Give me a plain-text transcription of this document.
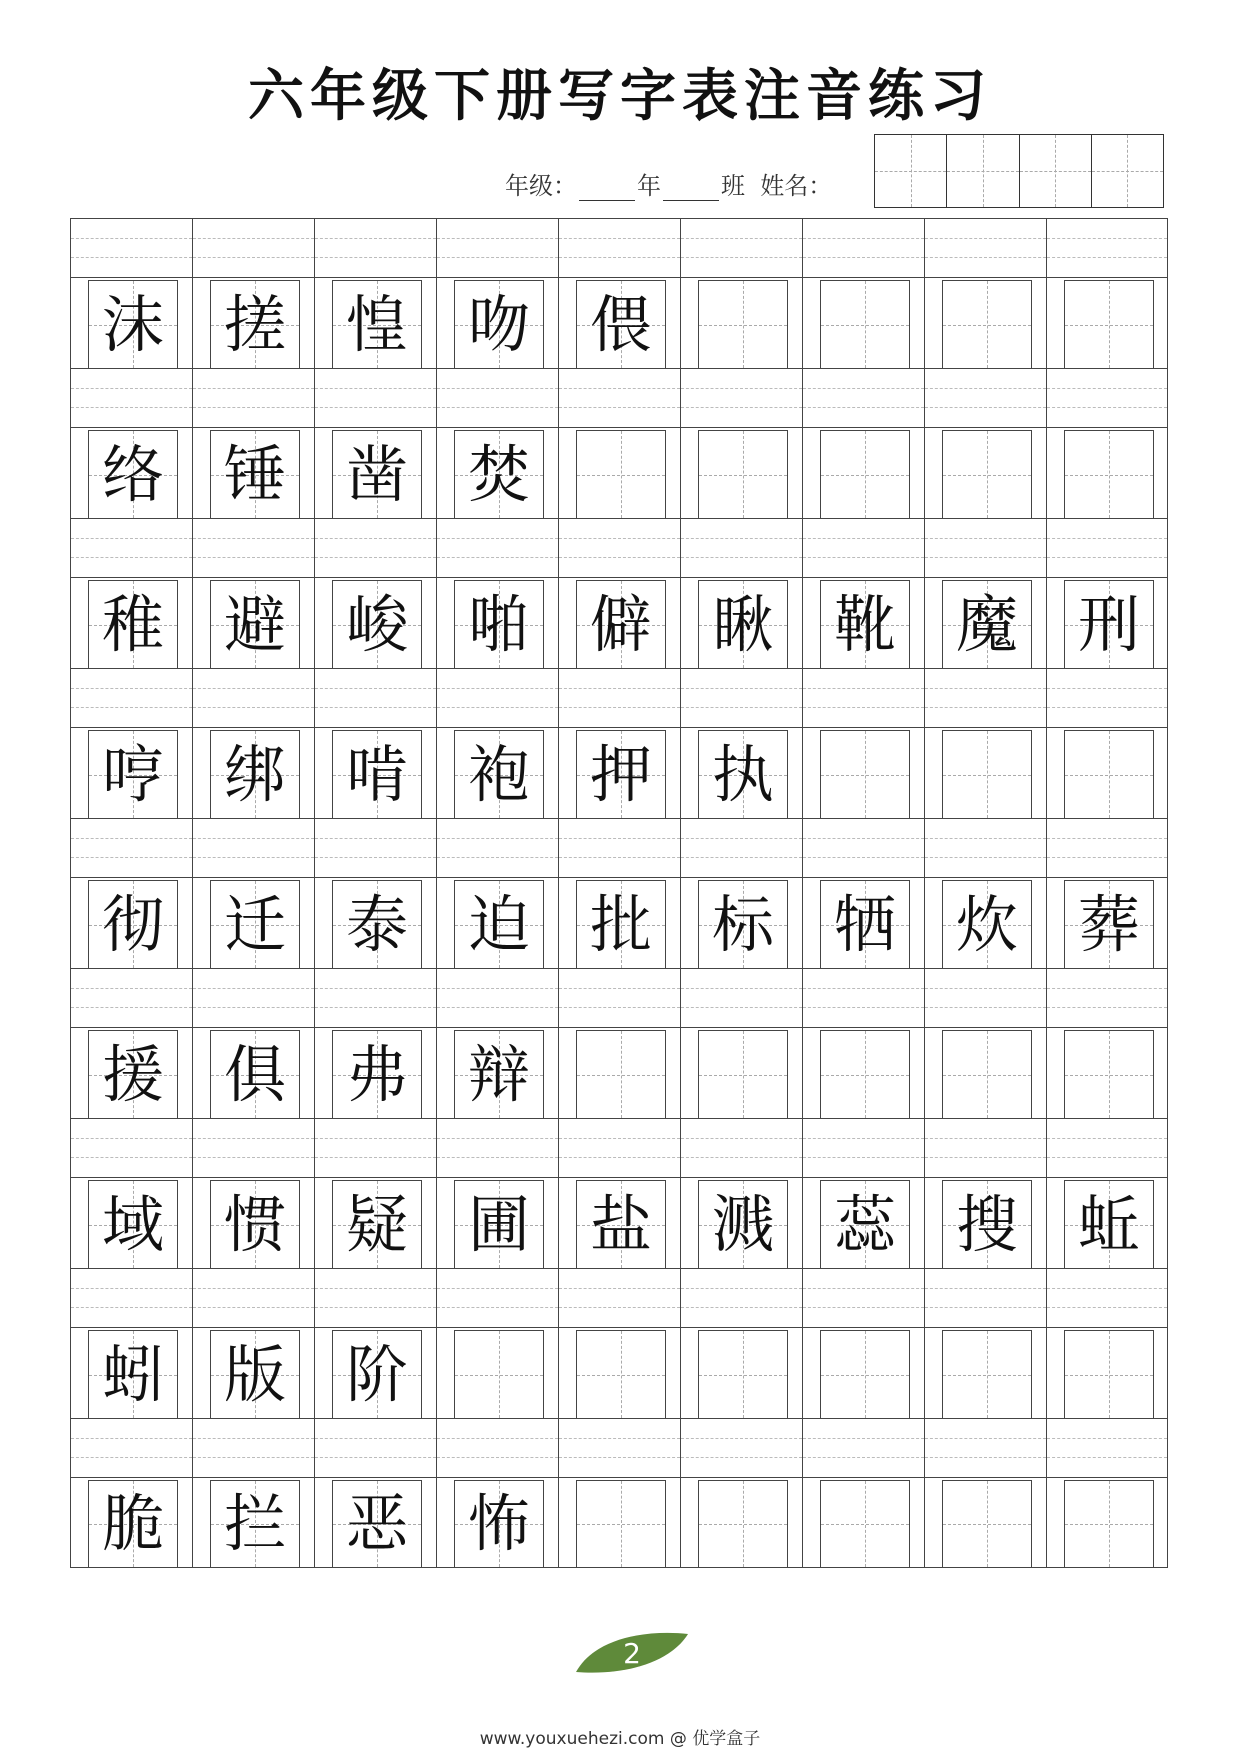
六年级下册写字表注音练习
年级：	年	班 姓名：
沫 搓 惶 吻 偎
络 锤 凿 焚
稚 避 峻 啪 僻 瞅 靴 魔 刑
哼 绑 啃 袍 押 执
彻 迁 泰 迫 批 标 牺 炊 葬
援 俱 弗 辩
域 惯 疑 圃 盐 溅 蕊 搜 蚯
蚓 版 阶
脆 拦 恶 怖
2
www.youxuehezi.com @ 优学盒子
